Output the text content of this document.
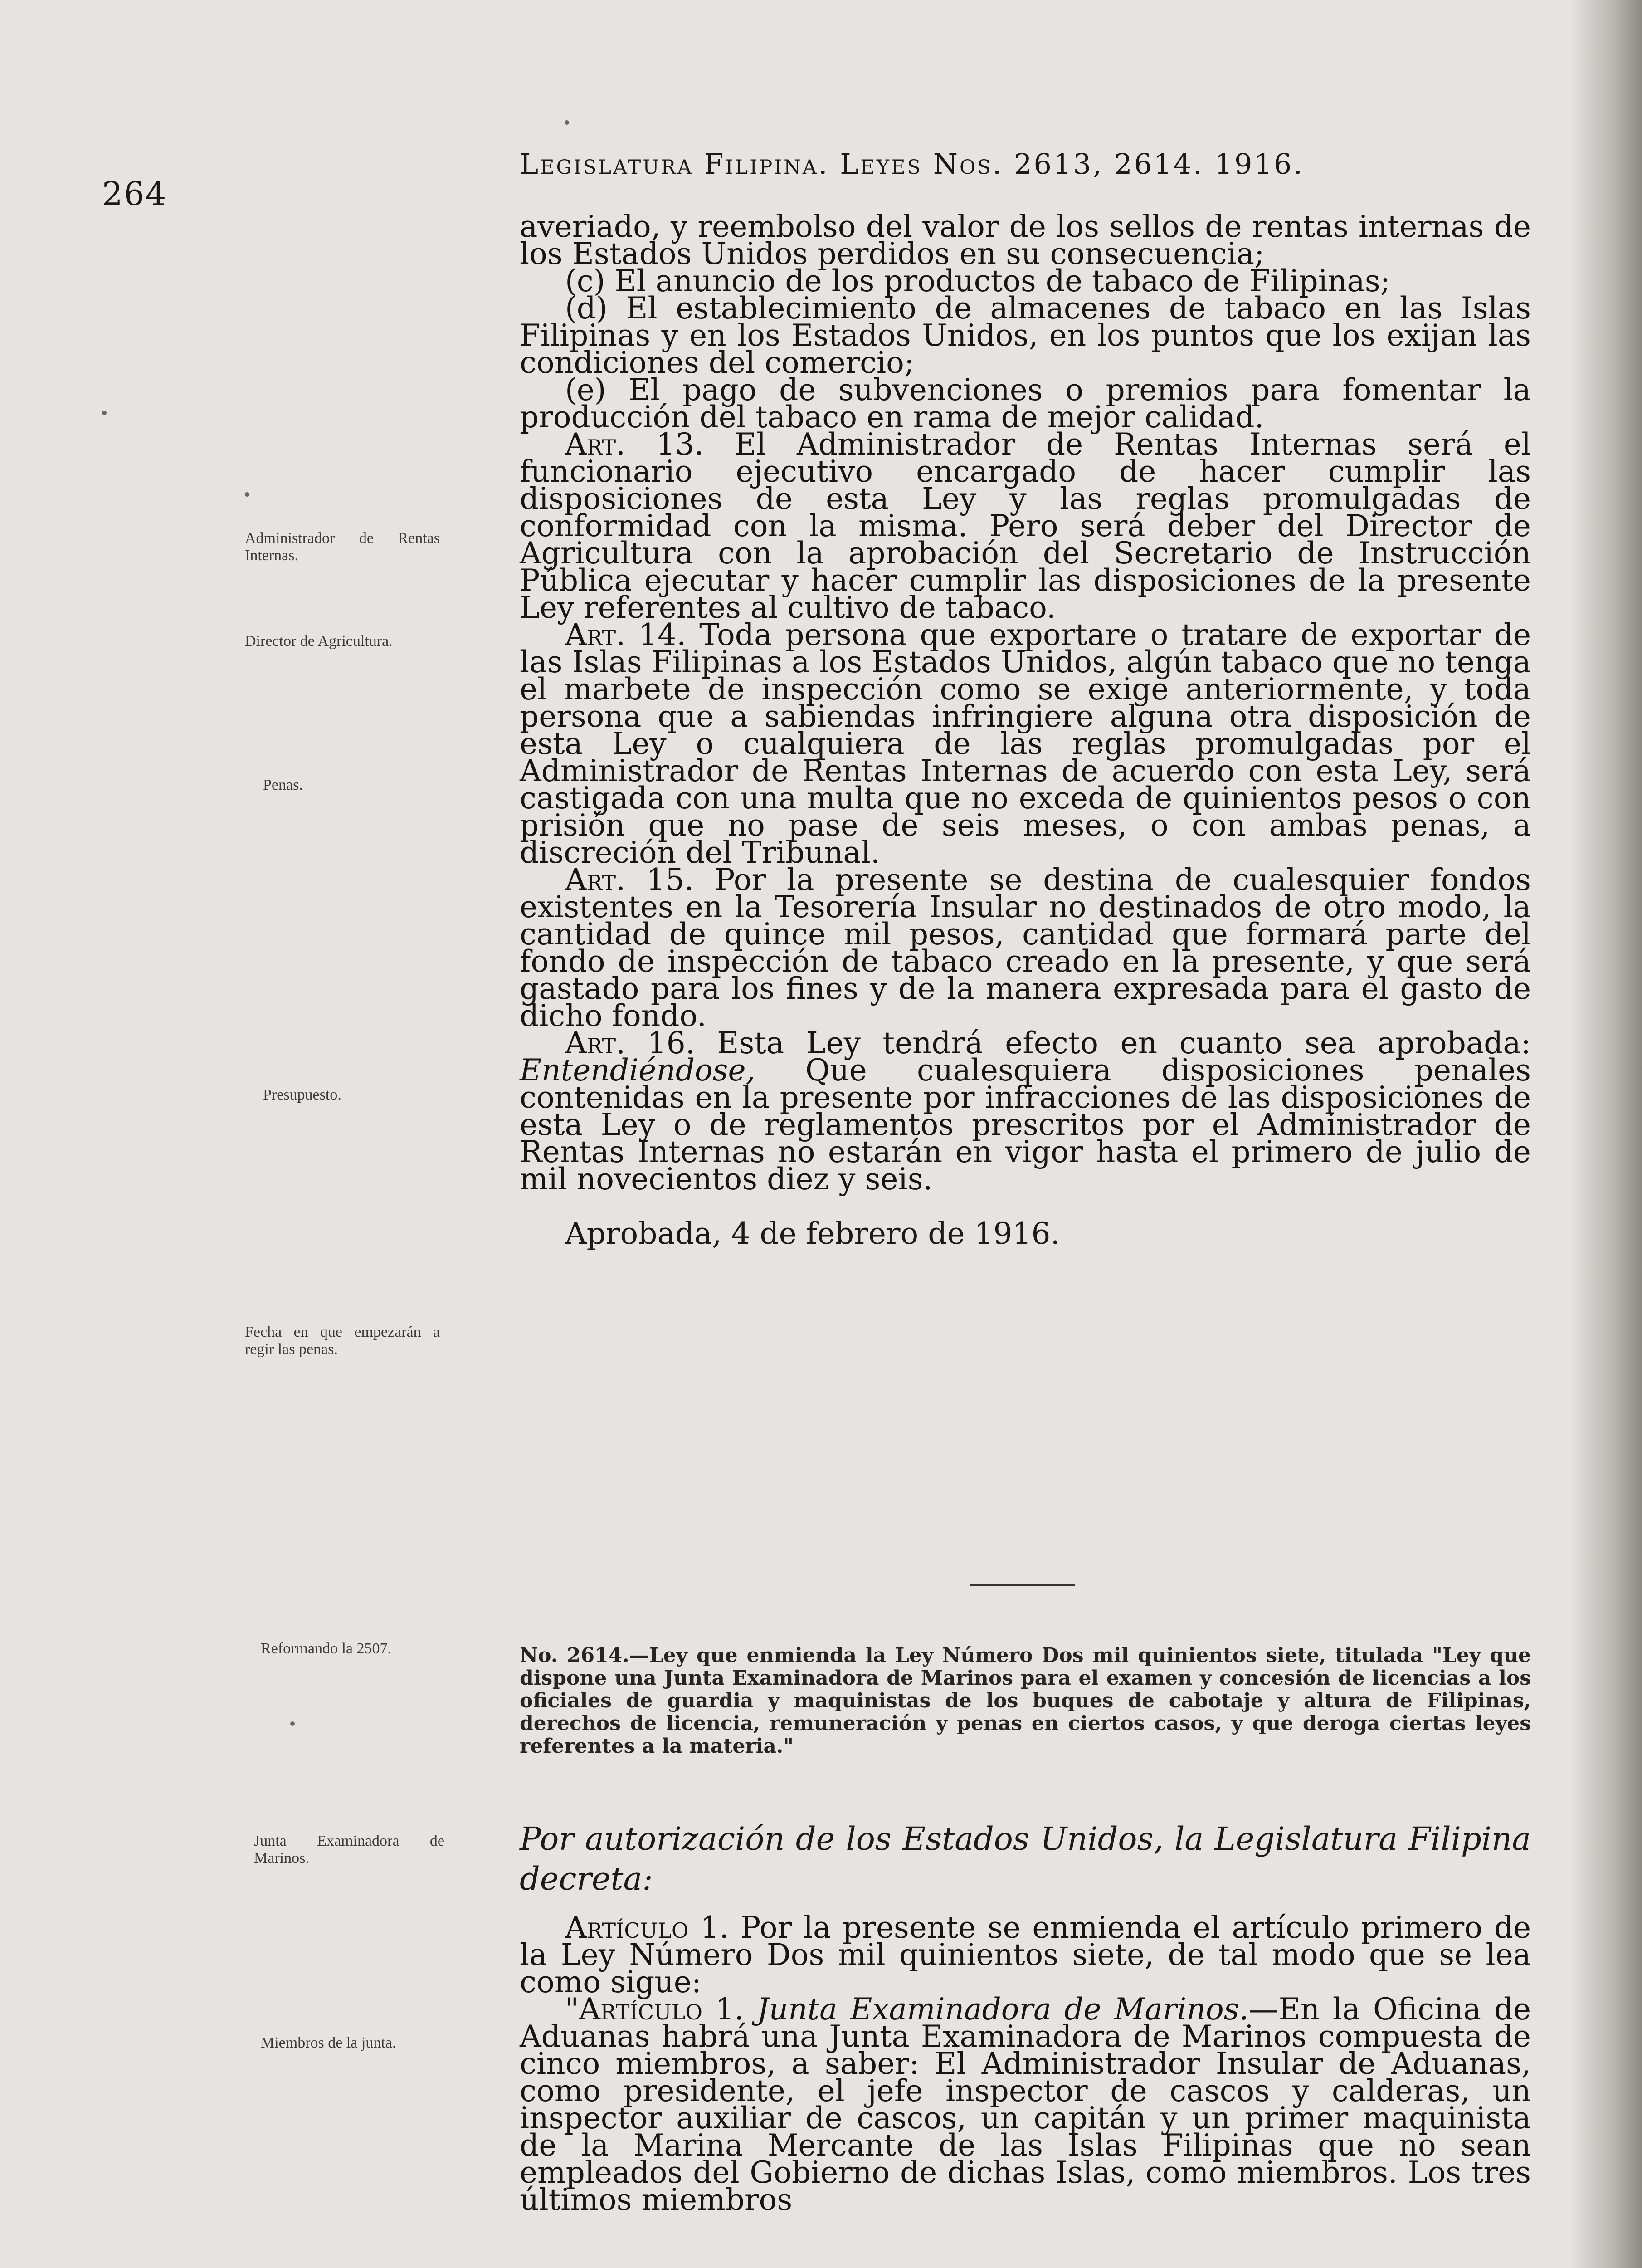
264
Legislatura Filipina. Leyes Nos. 2613, 2614. 1916.
Administrador de Rentas Internas.
Director de Agricultura.
Penas.
Presupuesto.
Fecha en que empezarán a regir las penas.
Reformando la 2507.
Junta Examinadora de Marinos.
Miembros de la junta.

averiado, y reembolso del valor de los sellos de rentas internas de los Estados Unidos perdidos en su consecuencia;

(c) El anuncio de los productos de tabaco de Filipinas;

(d) El establecimiento de almacenes de tabaco en las Islas Filipinas y en los Estados Unidos, en los puntos que los exijan las condiciones del comercio;

(e) El pago de subvenciones o premios para fomentar la producción del tabaco en rama de mejor calidad.

Art. 13. El Administrador de Rentas Internas será el funcionario ejecutivo encargado de hacer cumplir las disposiciones de esta Ley y las reglas promulgadas de conformidad con la misma. Pero será deber del Director de Agricultura con la aprobación del Secretario de Instrucción Pública ejecutar y hacer cumplir las disposiciones de la presente Ley referentes al cultivo de tabaco.

Art. 14. Toda persona que exportare o tratare de exportar de las Islas Filipinas a los Estados Unidos, algún tabaco que no tenga el marbete de inspección como se exige anteriormente, y toda persona que a sabiendas infringiere alguna otra disposición de esta Ley o cualquiera de las reglas promulgadas por el Administrador de Rentas Internas de acuerdo con esta Ley, será castigada con una multa que no exceda de quinientos pesos o con prisión que no pase de seis meses, o con ambas penas, a discreción del Tribunal.

Art. 15. Por la presente se destina de cualesquier fondos existentes en la Tesorería Insular no destinados de otro modo, la cantidad de quince mil pesos, cantidad que formará parte del fondo de inspección de tabaco creado en la presente, y que será gastado para los fines y de la manera expresada para el gasto de dicho fondo.

Art. 16. Esta Ley tendrá efecto en cuanto sea aprobada: Entendiéndose, Que cualesquiera disposiciones penales contenidas en la presente por infracciones de las disposiciones de esta Ley o de reglamentos prescritos por el Administrador de Rentas Internas no estarán en vigor hasta el primero de julio de mil novecientos diez y seis.

Aprobada, 4 de febrero de 1916.

No. 2614.—Ley que enmienda la Ley Número Dos mil quinientos siete, titulada "Ley que dispone una Junta Examinadora de Marinos para el examen y concesión de licencias a los oficiales de guardia y maquinistas de los buques de cabotaje y altura de Filipinas, derechos de licencia, remuneración y penas en ciertos casos, y que deroga ciertas leyes referentes a la materia."
Por autorización de los Estados Unidos, la Legislatura Filipina decreta:

Artículo 1. Por la presente se enmienda el artículo primero de la Ley Número Dos mil quinientos siete, de tal modo que se lea como sigue:

"Artículo 1. Junta Examinadora de Marinos.—En la Oficina de Aduanas habrá una Junta Examinadora de Marinos compuesta de cinco miembros, a saber: El Administrador Insular de Aduanas, como presidente, el jefe inspector de cascos y calderas, un inspector auxiliar de cascos, un capitán y un primer maquinista de la Marina Mercante de las Islas Filipinas que no sean empleados del Gobierno de dichas Islas, como miembros. Los tres últimos miembros
